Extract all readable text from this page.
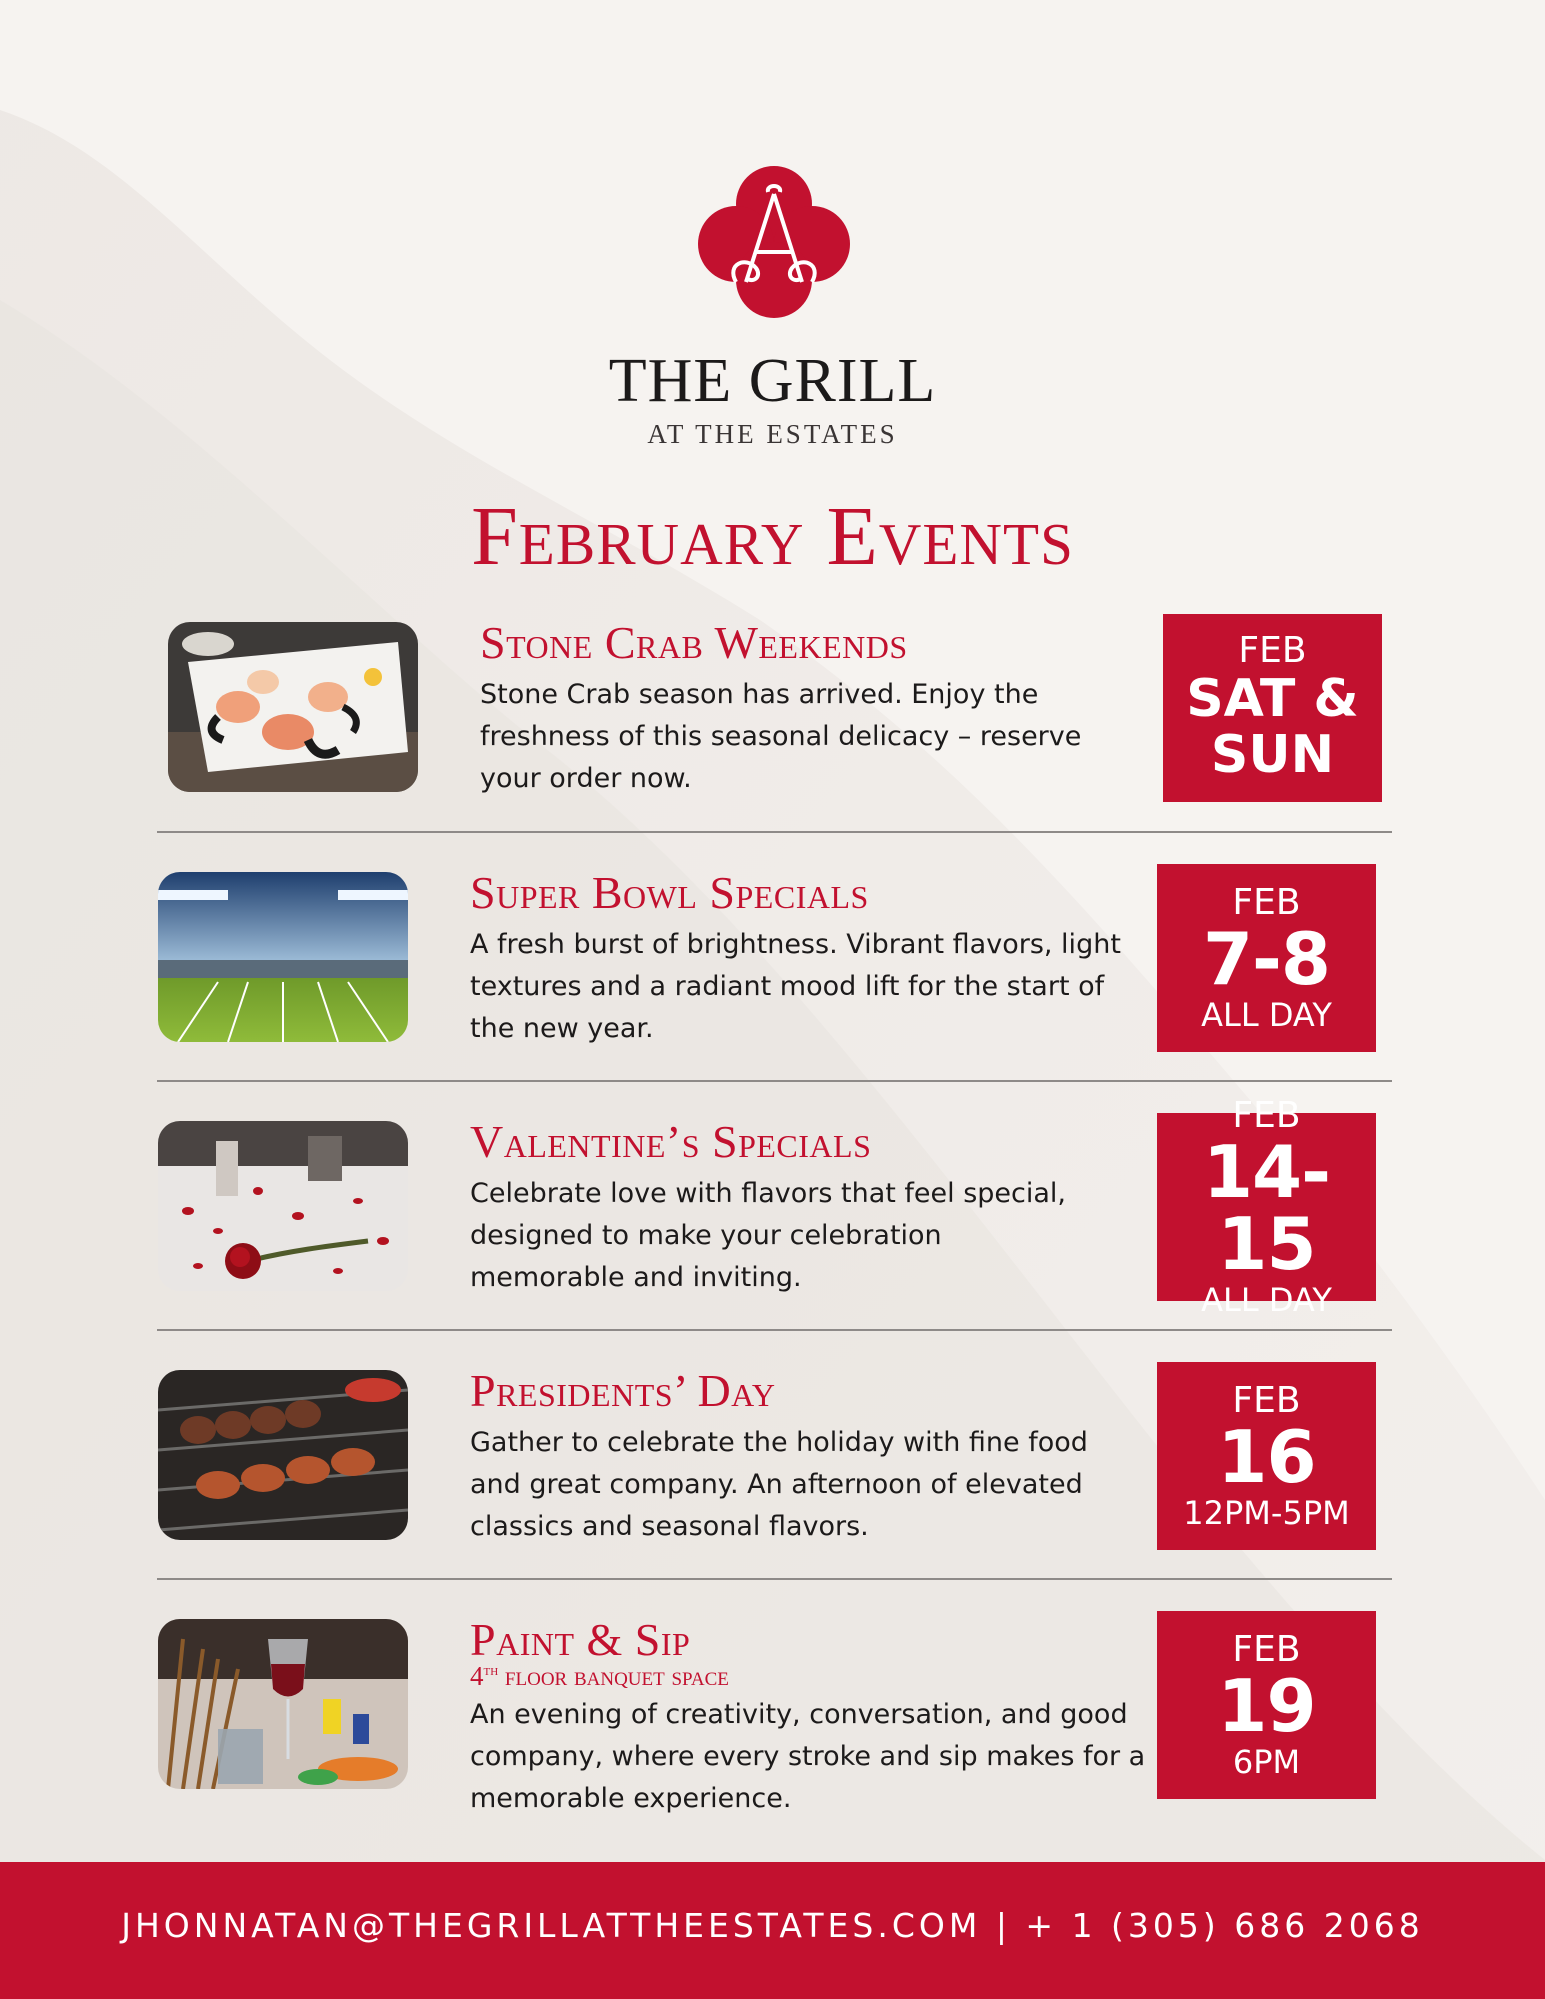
THE GRILL
AT THE ESTATES
February Events
Stone Crab Weekends
Stone Crab season has arrived. Enjoy the freshness of this seasonal delicacy – reserve your order now.
FEB
SAT & SUN
Super Bowl Specials
A fresh burst of brightness. Vibrant flavors, light textures and a radiant mood lift for the start of the new year.
FEB
7-8
ALL DAY
Valentine’s Specials
Celebrate love with flavors that feel special, designed to make your celebration memorable and inviting.
FEB
14-15
ALL DAY
Presidents’ Day
Gather to celebrate the holiday with fine food and great company. An afternoon of elevated classics and seasonal flavors.
FEB
16
12PM-5PM
Paint & Sip
4th floor banquet space
An evening of creativity, conversation, and good company, where every stroke and sip makes for a memorable experience.
FEB
19
6PM
JHONNATAN@THEGRILLATTHEESTATES.COM | + 1 (305) 686 2068
